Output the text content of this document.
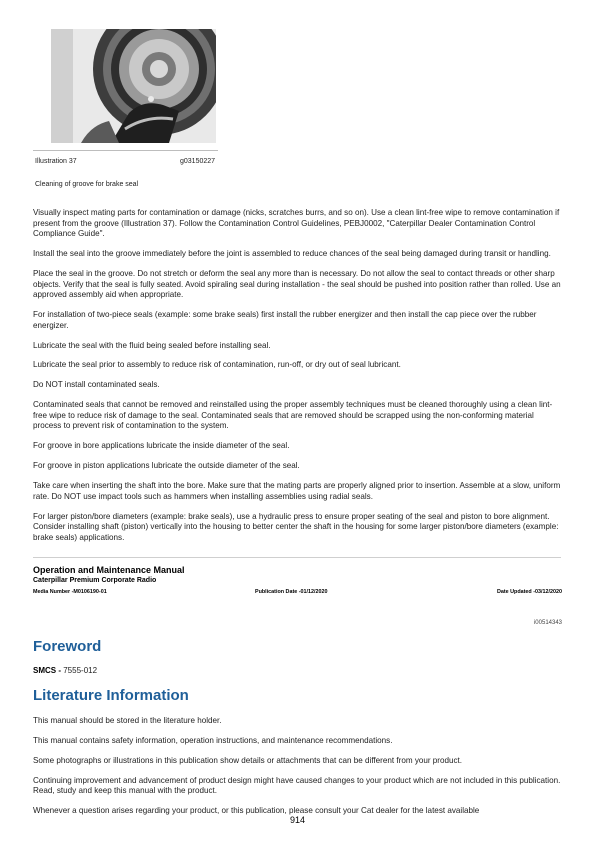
Illustration 37	g03150227
Cleaning of groove for brake seal

Visually inspect mating parts for contamination or damage (nicks, scratches burrs, and so on). Use a clean lint-free wipe to remove contamination if present from the groove (Illustration 37). Follow the Contamination Control Guidelines, PEBJ0002, "Caterpillar Dealer Contamination Control Compliance Guide".

Install the seal into the groove immediately before the joint is assembled to reduce chances of the seal being damaged during transit or handling.

Place the seal in the groove. Do not stretch or deform the seal any more than is necessary. Do not allow the seal to contact threads or other sharp objects. Verify that the seal is fully seated. Avoid spiraling seal during installation - the seal should be pushed into position rather than rolled. Use an approved assembly aid when appropriate.

For installation of two-piece seals (example: some brake seals) first install the rubber energizer and then install the cap piece over the rubber energizer.

Lubricate the seal with the fluid being sealed before installing seal.

Lubricate the seal prior to assembly to reduce risk of contamination, run-off, or dry out of seal lubricant.

Do NOT install contaminated seals.

Contaminated seals that cannot be removed and reinstalled using the proper assembly techniques must be cleaned thoroughly using a clean lint-free wipe to reduce risk of damage to the seal. Contaminated seals that are removed should be scrapped using the non-conforming material process to prevent risk of contamination to the system.

For groove in bore applications lubricate the inside diameter of the seal.

For groove in piston applications lubricate the outside diameter of the seal.

Take care when inserting the shaft into the bore. Make sure that the mating parts are properly aligned prior to insertion. Assemble at a slow, uniform rate. Do NOT use impact tools such as hammers when installing assemblies using radial seals.

For larger piston/bore diameters (example: brake seals), use a hydraulic press to ensure proper seating of the seal and piston to bore alignment. Consider installing shaft (piston) vertically into the housing to better center the shaft in the housing for some larger piston/bore diameters (example: brake seals) applications.

Operation and Maintenance Manual
Caterpillar Premium Corporate Radio
Media Number -M0106190-01	Publication Date -01/12/2020	Date Updated -03/12/2020
i00514343
Foreword
SMCS - 7555-012
Literature Information

This manual should be stored in the literature holder.

This manual contains safety information, operation instructions, and maintenance recommendations.

Some photographs or illustrations in this publication show details or attachments that can be different from your product.

Continuing improvement and advancement of product design might have caused changes to your product which are not included in this publication. Read, study and keep this manual with the product.

Whenever a question arises regarding your product, or this publication, please consult your Cat dealer for the latest available

914
